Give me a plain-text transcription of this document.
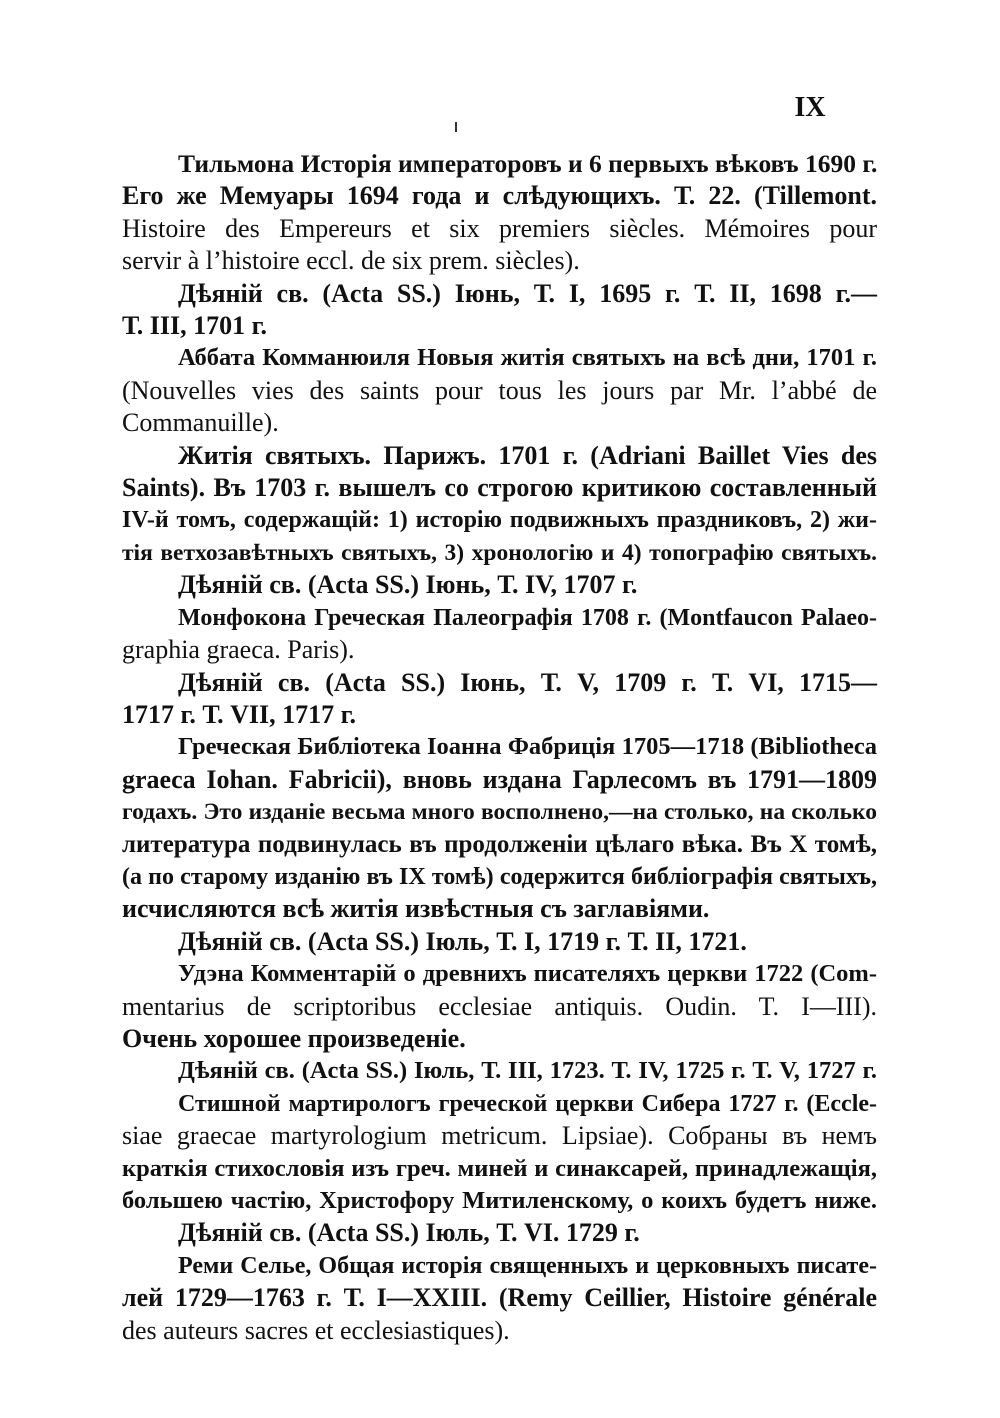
IX
Тильмона Исторія императоровъ и 6 первыхъ вѣковъ 1690 г.
Его же Мемуары 1694 года и слѣдующихъ. Т. 22. (Tillemont.
Histoire des Empereurs et six premiers siècles. Mémoires pour
servir à l’histoire eccl. de six prem. siècles).
Дѣяній св. (Acta SS.) Іюнь, Т. I, 1695 г. Т. II, 1698 г.—
Т. III, 1701 г.
Аббата Комманюиля Новыя житія святыхъ на всѣ дни, 1701 г.
(Nouvelles vies des saints pour tous les jours par Mr. l’abbé de
Commanuille).
Житія святыхъ. Парижъ. 1701 г. (Adriani Baillet Vies des
Saints). Въ 1703 г. вышелъ со строгою критикою составленный
IV-й томъ, содержащій: 1) исторію подвижныхъ праздниковъ, 2) жи-
тія ветхозавѣтныхъ святыхъ, 3) хронологію и 4) топографію святыхъ.
Дѣяній св. (Acta SS.) Іюнь, Т. IV, 1707 г.
Монфокона Греческая Палеографія 1708 г. (Montfaucon Palaeo-
graphia graeca. Paris).
Дѣяній св. (Acta SS.) Іюнь, Т. V, 1709 г. Т. VI, 1715—
1717 г. Т. VII, 1717 г.
Греческая Библіотека Іоанна Фабриція 1705—1718 (Bibliotheca
graeca Iohan. Fabricii), вновь издана Гарлесомъ въ 1791—1809
годахъ. Это изданіе весьма много восполнено,—на столько, на сколько
литература подвинулась въ продолженіи цѣлаго вѣка. Въ X томѣ,
(а по старому изданію въ IX томѣ) содержится библіографія святыхъ,
исчисляются всѣ житія извѣстныя съ заглавіями.
Дѣяній св. (Acta SS.) Іюль, Т. I, 1719 г. Т. II, 1721.
Удэна Комментарій о древнихъ писателяхъ церкви 1722 (Com-
mentarius de scriptoribus ecclesiae antiquis. Oudin. T. I—III).
Очень хорошее произведеніе.
Дѣяній св. (Acta SS.) Іюль, Т. III, 1723. Т. IV, 1725 г. Т. V, 1727 г.
Стишной мартирологъ греческой церкви Сибера 1727 г. (Eccle-
siae graecae martyrologium metricum. Lipsiae). Собраны въ немъ
краткія стихословія изъ греч. миней и синаксарей, принадлежащія,
большею частію, Христофору Митиленскому, о коихъ будетъ ниже.
Дѣяній св. (Acta SS.) Іюль, Т. VI. 1729 г.
Реми Селье, Общая исторія священныхъ и церковныхъ писате-
лей 1729—1763 г. Т. I—XXIII. (Remy Ceillier, Histoire générale
des auteurs sacres et ecclesiastiques).
